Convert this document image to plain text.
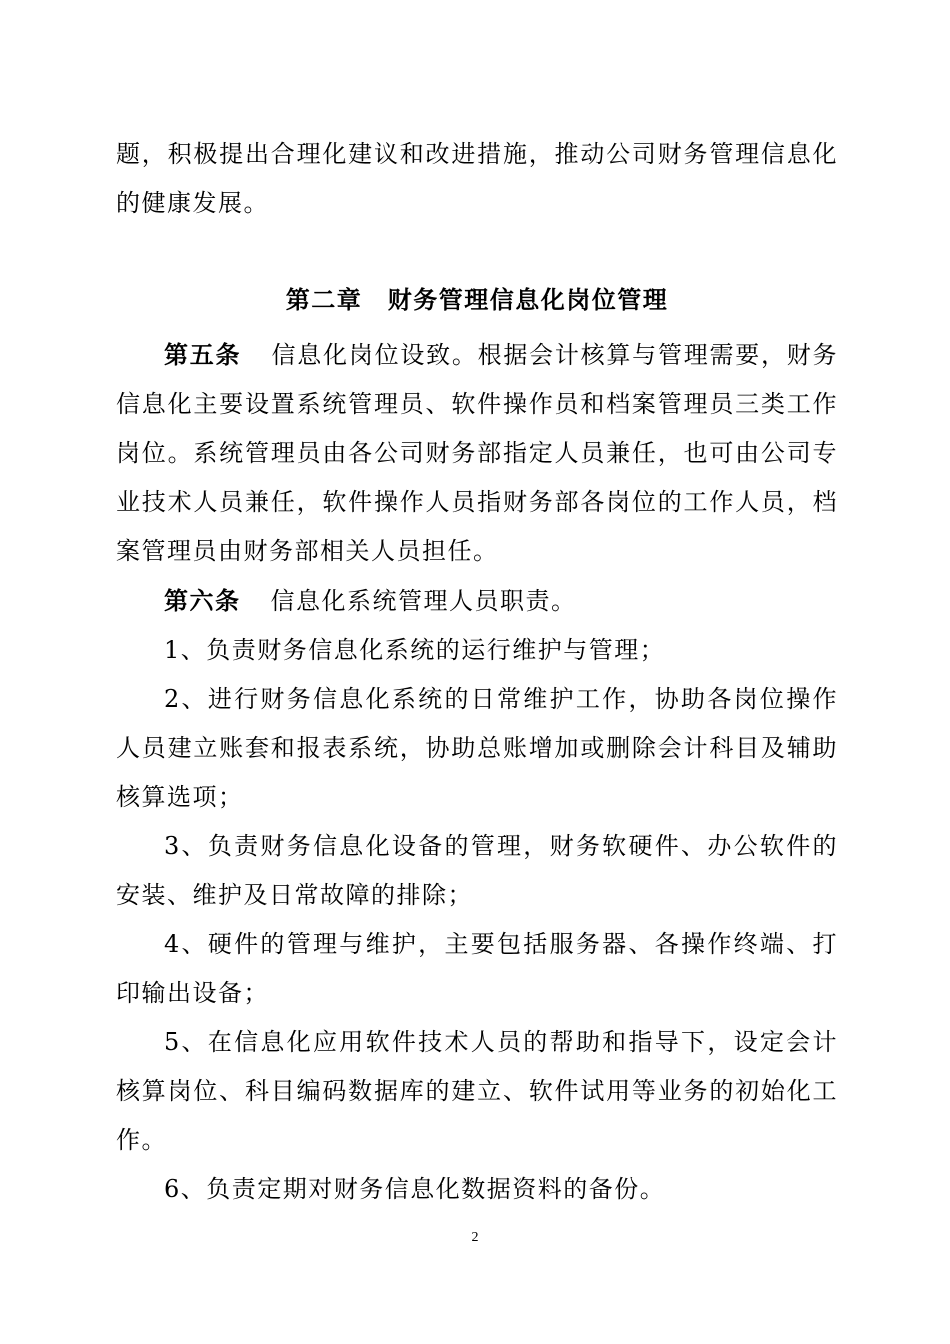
题，积极提出合理化建议和改进措施，推动公司财务管理信息化的健康发展。

第二章　财务管理信息化岗位管理

第五条 信息化岗位设致。根据会计核算与管理需要，财务信息化主要设置系统管理员、软件操作员和档案管理员三类工作岗位。系统管理员由各公司财务部指定人员兼任，也可由公司专业技术人员兼任，软件操作人员指财务部各岗位的工作人员，档案管理员由财务部相关人员担任。

第六条 信息化系统管理人员职责。

1、负责财务信息化系统的运行维护与管理；

2、进行财务信息化系统的日常维护工作，协助各岗位操作人员建立账套和报表系统，协助总账增加或删除会计科目及辅助核算选项；

3、负责财务信息化设备的管理，财务软硬件、办公软件的安装、维护及日常故障的排除；

4、硬件的管理与维护，主要包括服务器、各操作终端、打印输出设备；

5、在信息化应用软件技术人员的帮助和指导下，设定会计核算岗位、科目编码数据库的建立、软件试用等业务的初始化工作。

6、负责定期对财务信息化数据资料的备份。

2
